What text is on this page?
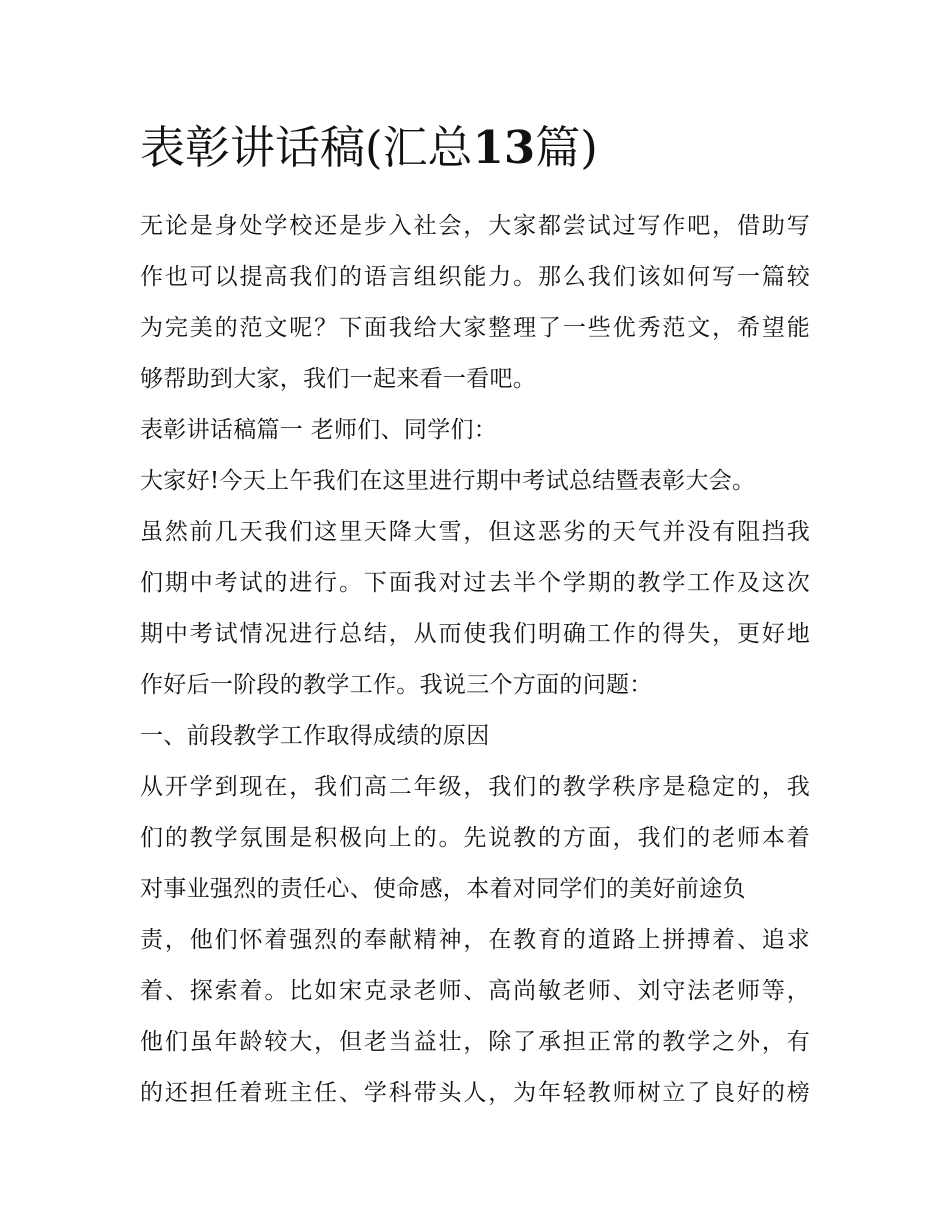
表彰讲话稿(汇总13篇)
无论是身处学校还是步入社会，大家都尝试过写作吧，借助写
作也可以提高我们的语言组织能力。那么我们该如何写一篇较
为完美的范文呢？下面我给大家整理了一些优秀范文，希望能
够帮助到大家，我们一起来看一看吧。
表彰讲话稿篇一 老师们、同学们：
大家好!今天上午我们在这里进行期中考试总结暨表彰大会。
虽然前几天我们这里天降大雪，但这恶劣的天气并没有阻挡我
们期中考试的进行。下面我对过去半个学期的教学工作及这次
期中考试情况进行总结，从而使我们明确工作的得失，更好地
作好后一阶段的教学工作。我说三个方面的问题：
一、前段教学工作取得成绩的原因
从开学到现在，我们高二年级，我们的教学秩序是稳定的，我
们的教学氛围是积极向上的。先说教的方面，我们的老师本着
对事业强烈的责任心、使命感，本着对同学们的美好前途负
责，他们怀着强烈的奉献精神，在教育的道路上拼搏着、追求
着、探索着。比如宋克录老师、高尚敏老师、刘守法老师等，
他们虽年龄较大，但老当益壮，除了承担正常的教学之外，有
的还担任着班主任、学科带头人，为年轻教师树立了良好的榜
